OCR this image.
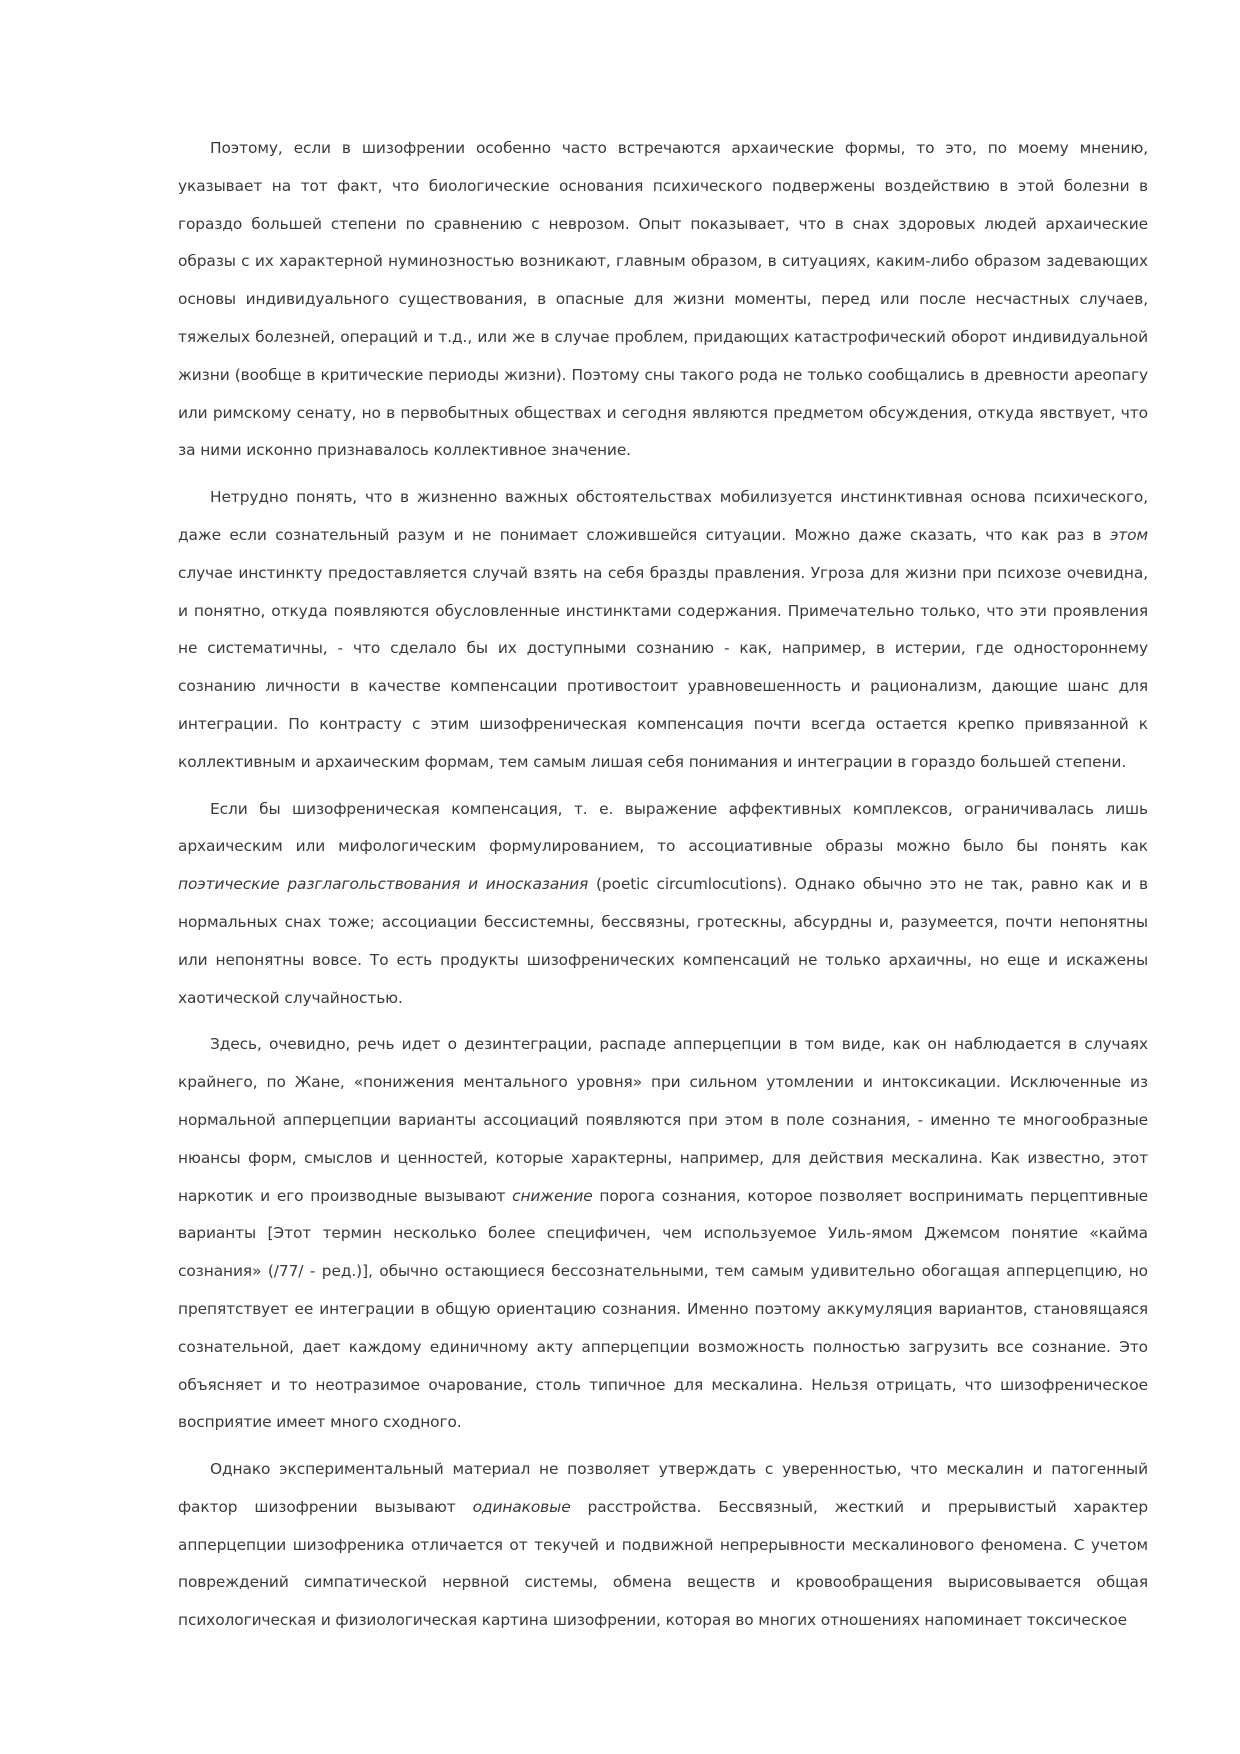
Поэтому, если в шизофрении особенно часто встречаются архаические формы, то это, по моему мнению, указывает на тот факт, что биологические основания психического подвержены воздействию в этой болезни в гораздо большей степени по сравнению с неврозом. Опыт показывает, что в снах здоровых людей архаические образы с их характерной нуминозностью возникают, главным образом, в ситуациях, каким-либо образом задевающих основы индивидуального существования, в опасные для жизни моменты, перед или после несчастных случаев, тяжелых болезней, операций и т.д., или же в случае проблем, придающих катастрофический оборот индивидуальной жизни (вообще в критические периоды жизни). Поэтому сны такого рода не только сообщались в древности ареопагу или римскому сенату, но в первобытных обществах и сегодня являются предметом обсуждения, откуда явствует, что за ними исконно признавалось коллективное значение.

Нетрудно понять, что в жизненно важных обстоятельствах мобилизуется инстинктивная основа психического, даже если сознательный разум и не понимает сложившейся ситуации. Можно даже сказать, что как раз в этом случае инстинкту предоставляется случай взять на себя бразды правления. Угроза для жизни при психозе очевидна, и понятно, откуда появляются обусловленные инстинктами содержания. Примечательно только, что эти проявления не систематичны, - что сделало бы их доступными сознанию - как, например, в истерии, где одностороннему сознанию личности в качестве компенсации противостоит уравновешенность и рационализм, дающие шанс для интеграции. По контрасту с этим шизофреническая компенсация почти всегда остается крепко привязанной к коллективным и архаическим формам, тем самым лишая себя понимания и интеграции в гораздо большей степени.

Если бы шизофреническая компенсация, т. е. выражение аффективных комплексов, ограничивалась лишь архаическим или мифологическим формулированием, то ассоциативные образы можно было бы понять как поэтические разглагольствования и иносказания (poetic circumlocutions). Однако обычно это не так, равно как и в нормальных снах тоже; ассоциации бессистемны, бессвязны, гротескны, абсурдны и, разумеется, почти непонятны или непонятны вовсе. То есть продукты шизофренических компенсаций не только архаичны, но еще и искажены хаотической случайностью.

Здесь, очевидно, речь идет о дезинтеграции, распаде апперцепции в том виде, как он наблюдается в случаях крайнего, по Жане, «понижения ментального уровня» при сильном утомлении и интоксикации. Исключенные из нормальной апперцепции варианты ассоциаций появляются при этом в поле сознания, - именно те многообразные нюансы форм, смыслов и ценностей, которые характерны, например, для действия мескалина. Как известно, этот наркотик и его производные вызывают снижение порога сознания, которое позволяет воспринимать перцептивные варианты [Этот термин несколько более специфичен, чем используемое Уиль-ямом Джемсом понятие «кайма сознания» (/77/ - ред.)], обычно остающиеся бессознательными, тем самым удивительно обогащая апперцепцию, но препятствует ее интеграции в общую ориентацию сознания. Именно поэтому аккумуляция вариантов, становящаяся сознательной, дает каждому единичному акту апперцепции возможность полностью загрузить все сознание. Это объясняет и то неотразимое очарование, столь типичное для мескалина. Нельзя отрицать, что шизофреническое восприятие имеет много сходного.

Однако экспериментальный материал не позволяет утверждать с уверенностью, что мескалин и патогенный фактор шизофрении вызывают одинаковые расстройства. Бессвязный, жесткий и прерывистый характер апперцепции шизофреника отличается от текучей и подвижной непрерывности мескалинового феномена. С учетом повреждений симпатической нервной системы, обмена веществ и кровообращения вырисовывается общая психологическая и физиологическая картина шизофрении, которая во многих отношениях напоминает токсическое
